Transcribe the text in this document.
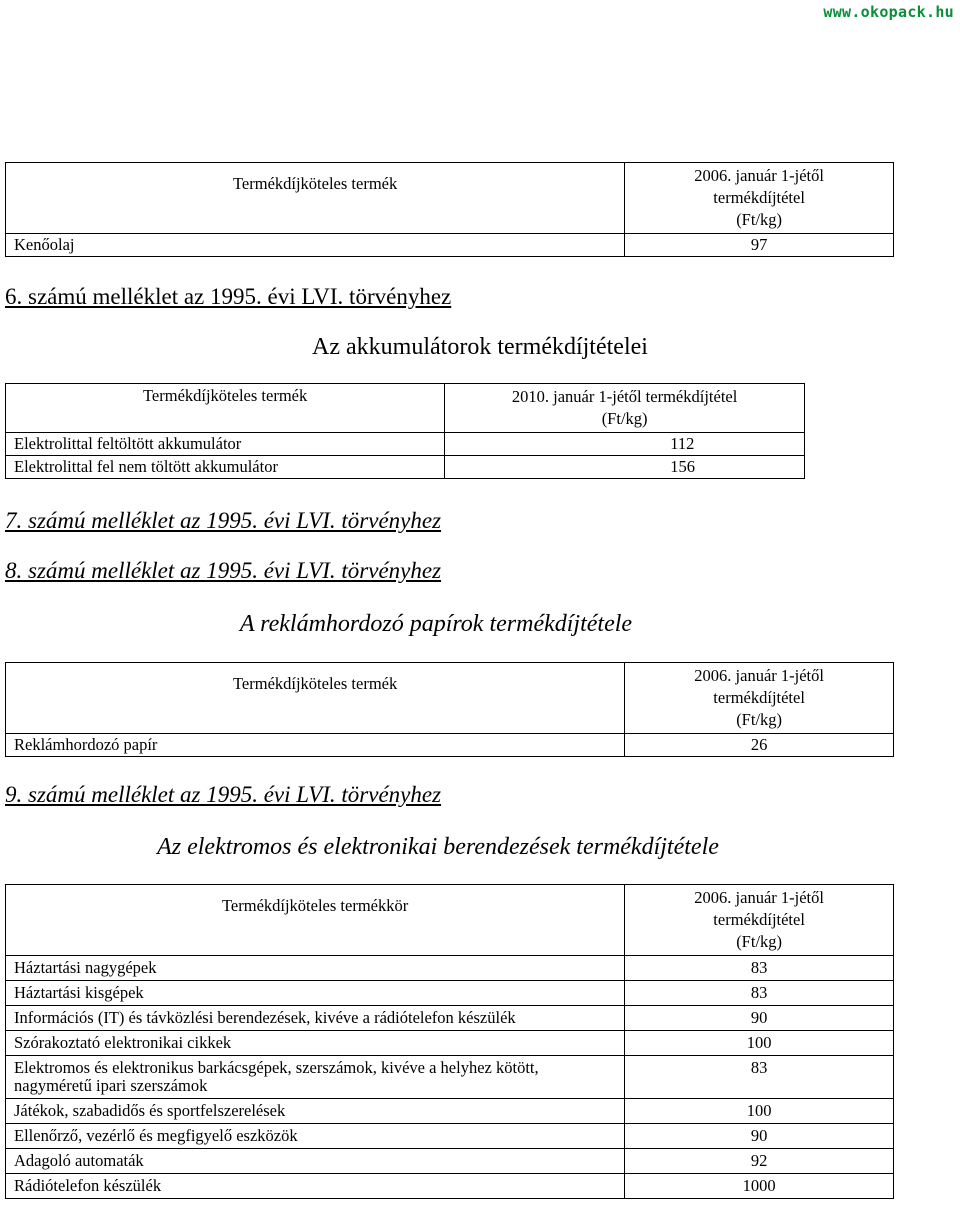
www.okopack.hu
Termékdíjköteles termék	2006. január 1-jétől
termékdíjtétel
(Ft/kg)

Kenőolaj	97
6. számú melléklet az 1995. évi LVI. törvényhez
Az akkumulátorok termékdíjtételei
Termékdíjköteles termék	2010. január 1-jétől termékdíjtétel
(Ft/kg)

Elektrolittal feltöltött akkumulátor	112
Elektrolittal fel nem töltött akkumulátor	156
7. számú melléklet az 1995. évi LVI. törvényhez
8. számú melléklet az 1995. évi LVI. törvényhez
A reklámhordozó papírok termékdíjtétele
Termékdíjköteles termék	2006. január 1-jétől
termékdíjtétel
(Ft/kg)

Reklámhordozó papír	26
9. számú melléklet az 1995. évi LVI. törvényhez
Az elektromos és elektronikai berendezések termékdíjtétele
Termékdíjköteles termékkör	2006. január 1-jétől
termékdíjtétel
(Ft/kg)

Háztartási nagygépek	83
Háztartási kisgépek	83
Információs (IT) és távközlési berendezések, kivéve a rádiótelefon készülék	90
Szórakoztató elektronikai cikkek	100
Elektromos és elektronikus barkácsgépek, szerszámok, kivéve a helyhez kötött, nagyméretű ipari szerszámok	83
Játékok, szabadidős és sportfelszerelések	100
Ellenőrző, vezérlő és megfigyelő eszközök	90
Adagoló automaták	92
Rádiótelefon készülék	1000
